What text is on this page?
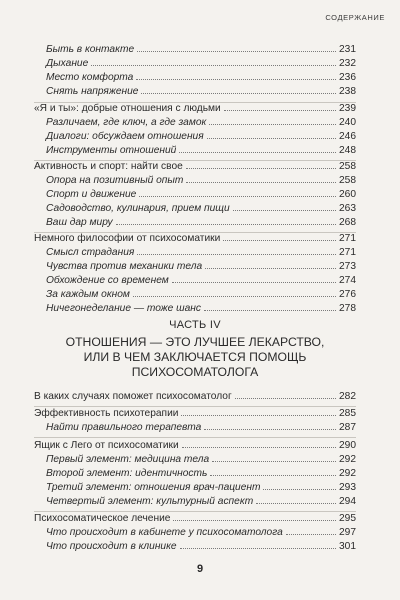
СОДЕРЖАНИЕ
Быть в контакте	231
Дыхание	232
Место комфорта	236
Снять напряжение	238
«Я и ты»: добрые отношения с людьми	239
Различаем, где ключ, а где замок	240
Диалоги: обсуждаем отношения	246
Инструменты отношений	248
Активность и спорт: найти свое	258
Опора на позитивный опыт	258
Спорт и движение	260
Садоводство, кулинария, прием пищи	263
Ваш дар миру	268
Немного философии от психосоматики	271
Смысл страдания	271
Чувства против механики тела	273
Обхождение со временем	274
За каждым окном	276
Ничегонеделание — тоже шанс	278
ЧАСТЬ IV
ОТНОШЕНИЯ — ЭТО ЛУЧШЕЕ ЛЕКАРСТВО,
ИЛИ В ЧЕМ ЗАКЛЮЧАЕТСЯ ПОМОЩЬ
ПСИХОСОМАТОЛОГА
В каких случаях поможет психосоматолог	282
Эффективность психотерапии	285
Найти правильного терапевта	287
Ящик с Лего от психосоматики	290
Первый элемент: медицина тела	292
Второй элемент: идентичность	292
Третий элемент: отношения врач-пациент	293
Четвертый элемент: культурный аспект	294
Психосоматическое лечение	295
Что происходит в кабинете у психосоматолога	297
Что происходит в клинике	301
9
